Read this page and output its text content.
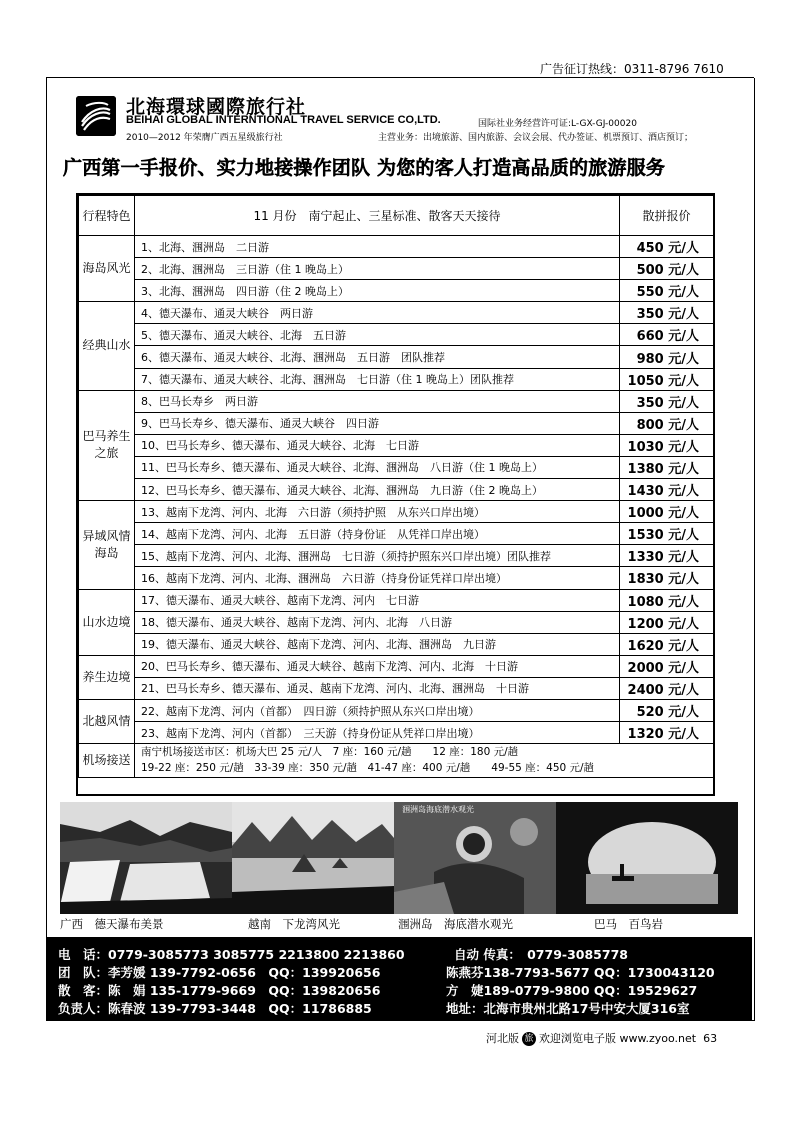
广告征订热线：0311-8796 7610
北海環球國際旅行社
BEIHAI GLOBAL INTERNTIONAL TRAVEL SERVICE CO,LTD.	国际社业务经营许可证:L-GX-GJ-00020
2010—2012 年荣膺广西五星级旅行社	主营业务：出境旅游、国内旅游、会议会展、代办签证、机票预订、酒店预订；
广西第一手报价、实力地接操作团队 为您的客人打造高品质的旅游服务
行程特色	11 月份　南宁起止、三星标准、散客天天接待	散拼报价
海岛风光	1、北海、涠洲岛　二日游	450 元/人
	2、北海、涠洲岛　三日游（住 1 晚岛上）	500 元/人
	3、北海、涠洲岛　四日游（住 2 晚岛上）	550 元/人
经典山水	4、德天瀑布、通灵大峡谷　两日游	350 元/人
	5、德天瀑布、通灵大峡谷、北海　五日游	660 元/人
	6、德天瀑布、通灵大峡谷、北海、涠洲岛　五日游　团队推荐	980 元/人
	7、德天瀑布、通灵大峡谷、北海、涠洲岛　七日游（住 1 晚岛上）团队推荐	1050 元/人
巴马养生之旅	8、巴马长寿乡　两日游	350 元/人
	9、巴马长寿乡、德天瀑布、通灵大峡谷　四日游	800 元/人
	10、巴马长寿乡、德天瀑布、通灵大峡谷、北海　七日游	1030 元/人
	11、巴马长寿乡、德天瀑布、通灵大峡谷、北海、涠洲岛　八日游（住 1 晚岛上）	1380 元/人
	12、巴马长寿乡、德天瀑布、通灵大峡谷、北海、涠洲岛　九日游（住 2 晚岛上）	1430 元/人
异域风情海岛	13、越南下龙湾、河内、北海　六日游（须持护照　从东兴口岸出境）	1000 元/人
	14、越南下龙湾、河内、北海　五日游（持身份证　从凭祥口岸出境）	1530 元/人
	15、越南下龙湾、河内、北海、涠洲岛　七日游（须持护照东兴口岸出境）团队推荐	1330 元/人
	16、越南下龙湾、河内、北海、涠洲岛　六日游（持身份证凭祥口岸出境）	1830 元/人
山水边境	17、德天瀑布、通灵大峡谷、越南下龙湾、河内　七日游	1080 元/人
	18、德天瀑布、通灵大峡谷、越南下龙湾、河内、北海　八日游	1200 元/人
	19、德天瀑布、通灵大峡谷、越南下龙湾、河内、北海、涠洲岛　九日游	1620 元/人
养生边境	20、巴马长寿乡、德天瀑布、通灵大峡谷、越南下龙湾、河内、北海　十日游	2000 元/人
	21、巴马长寿乡、德天瀑布、通灵、越南下龙湾、河内、北海、涠洲岛　十日游	2400 元/人
北越风情	22、越南下龙湾、河内（首都）　四日游（须持护照从东兴口岸出境）	520 元/人
	23、越南下龙湾、河内（首都）　三天游（持身份证从凭祥口岸出境）	1320 元/人
机场接送	南宁机场接送市区：机场大巴 25 元/人　7 座：160 元/趟　　12 座：180 元/趟
19-22 座：250 元/趟　33-39 座：350 元/趟　41-47 座：400 元/趟　　49-55 座：450 元/趟	
涠洲岛海底潜水观光
广西　德天瀑布美景	越南　下龙湾风光	涠洲岛　海底潜水观光	巴马　百鸟岩
电　话：0779-3085773 3085775 2213800 2213860	自动 传真：　0779-3085778
团　队：李芳媛 139-7792-0656　QQ：139920656	陈燕芬138-7793-5677 QQ：1730043120
散　客：陈　娟 135-1779-9669　QQ：139820656	方　婕189-0779-9800 QQ：19529627
负责人：陈春波 139-7793-3448　QQ：11786885	地址：北海市贵州北路17号中安大厦316室
河北版 旅 欢迎浏览电子版 www.zyoo.net 63
